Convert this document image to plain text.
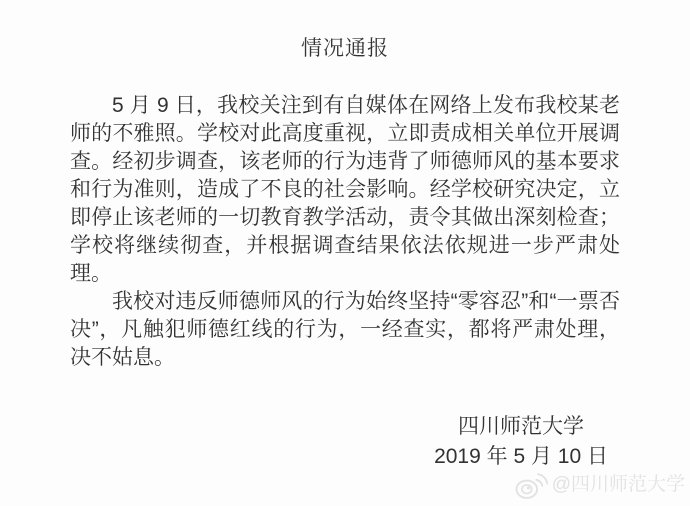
情况通报

5 月 9 日，我校关注到有自媒体在网络上发布我校某老师的不雅照。学校对此高度重视，立即责成相关单位开展调查。经初步调查，该老师的行为违背了师德师风的基本要求和行为准则，造成了不良的社会影响。经学校研究决定，立即停止该老师的一切教育教学活动，责令其做出深刻检查；学校将继续彻查，并根据调查结果依法依规进一步严肃处理。

我校对违反师德师风的行为始终坚持“零容忍”和“一票否决”，凡触犯师德红线的行为，一经查实，都将严肃处理，决不姑息。

四川师范大学
2019 年 5 月 10 日
@四川师范大学
